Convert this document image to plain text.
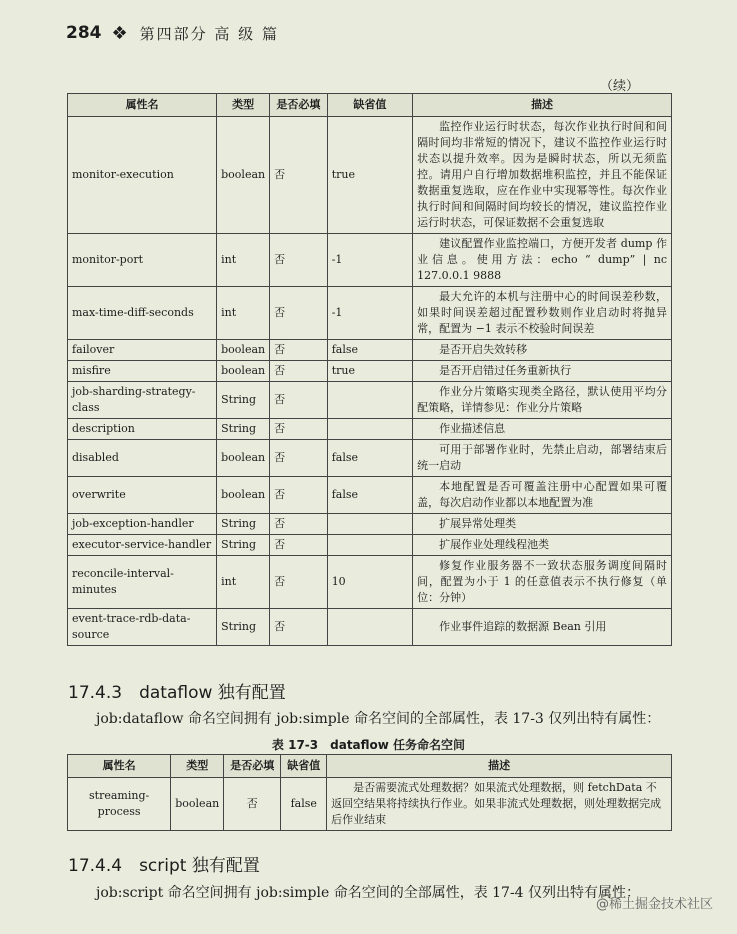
284 ❖ 第四部分 高 级 篇
（续）
属性名	类型	是否必填	缺省值	描述
monitor-execution	boolean	否	true	监控作业运行时状态，每次作业执行时间和间隔时间均非常短的情况下，建议不监控作业运行时状态以提升效率。因为是瞬时状态，所以无须监控。请用户自行增加数据堆积监控，并且不能保证数据重复选取，应在作业中实现幂等性。每次作业执行时间和间隔时间均较长的情况，建议监控作业运行时状态，可保证数据不会重复选取
monitor-port	int	否	-1	建议配置作业监控端口，方便开发者 dump 作业信息。使用方法：echo “ dump” | nc 127.0.0.1 9888
max-time-diff-seconds	int	否	-1	最大允许的本机与注册中心的时间误差秒数，如果时间误差超过配置秒数则作业启动时将抛异常，配置为 −1 表示不校验时间误差
failover	boolean	否	false	是否开启失效转移
misfire	boolean	否	true	是否开启错过任务重新执行
job-sharding-strategy-class	String	否		作业分片策略实现类全路径，默认使用平均分配策略，详情参见：作业分片策略
description	String	否		作业描述信息
disabled	boolean	否	false	可用于部署作业时，先禁止启动，部署结束后统一启动
overwrite	boolean	否	false	本地配置是否可覆盖注册中心配置如果可覆盖，每次启动作业都以本地配置为准
job-exception-handler	String	否		扩展异常处理类
executor-service-handler	String	否		扩展作业处理线程池类
reconcile-interval-minutes	int	否	10	修复作业服务器不一致状态服务调度间隔时间，配置为小于 1 的任意值表示不执行修复（单位：分钟）
event-trace-rdb-data-source	String	否		作业事件追踪的数据源 Bean 引用
17.4.3　dataflow 独有配置
job:dataflow 命名空间拥有 job:simple 命名空间的全部属性，表 17-3 仅列出特有属性：
表 17-3　dataflow 任务命名空间
属性名	类型	是否必填	缺省值	描述
streaming-process	boolean	否	false	是否需要流式处理数据？如果流式处理数据，则 fetchData 不返回空结果将持续执行作业。如果非流式处理数据，则处理数据完成后作业结束
17.4.4　script 独有配置
job:script 命名空间拥有 job:simple 命名空间的全部属性，表 17-4 仅列出特有属性：
@稀土掘金技术社区
